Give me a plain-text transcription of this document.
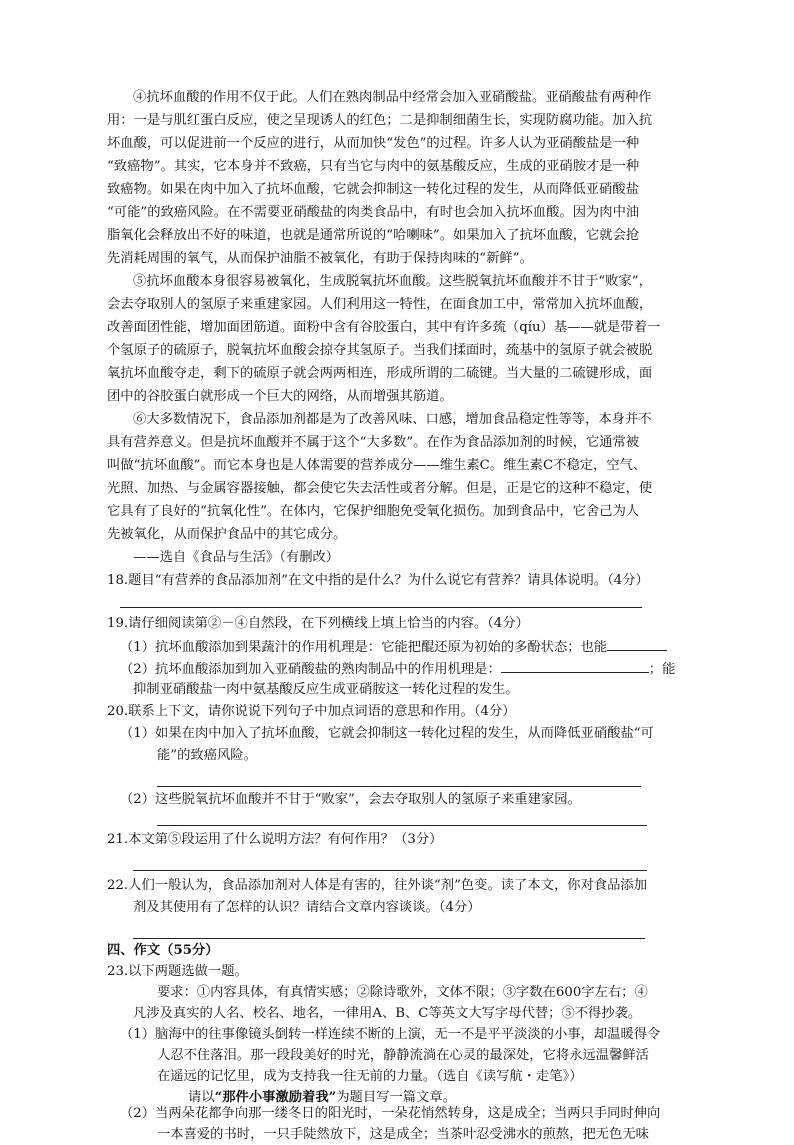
④抗坏血酸的作用不仅于此。人们在熟肉制品中经常会加入亚硝酸盐。亚硝酸盐有两种作
用：一是与肌红蛋白反应，使之呈现诱人的红色；二是抑制细菌生长，实现防腐功能。加入抗
坏血酸，可以促进前一个反应的进行，从而加快“发色”的过程。许多人认为亚硝酸盐是一种
“致癌物”。其实，它本身并不致癌，只有当它与肉中的氨基酸反应，生成的亚硝胺才是一种
致癌物。如果在肉中加入了抗坏血酸，它就会抑制这一转化过程的发生，从而降低亚硝酸盐
“可能”的致癌风险。在不需要亚硝酸盐的肉类食品中，有时也会加入抗坏血酸。因为肉中油
脂氧化会释放出不好的味道，也就是通常所说的“哈喇味”。如果加入了抗坏血酸，它就会抢
先消耗周围的氧气，从而保护油脂不被氧化，有助于保持肉味的“新鲜”。
⑤抗坏血酸本身很容易被氧化，生成脱氧抗坏血酸。这些脱氧抗坏血酸并不甘于“败家”，
会去夺取别人的氢原子来重建家园。人们利用这一特性，在面食加工中，常常加入抗坏血酸，
改善面团性能，增加面团筋道。面粉中含有谷胶蛋白，其中有许多巯（qíu）基——就是带着一
个氢原子的硫原子，脱氧抗坏血酸会掠夺其氢原子。当我们揉面时，巯基中的氢原子就会被脱
氧抗坏血酸夺走，剩下的硫原子就会两两相连，形成所谓的二硫键。当大量的二硫键形成，面
团中的谷胶蛋白就形成一个巨大的网络，从而增强其筋道。
⑥大多数情况下，食品添加剂都是为了改善风味、口感，增加食品稳定性等等，本身并不
具有营养意义。但是抗坏血酸并不属于这个“大多数”。在作为食品添加剂的时候，它通常被
叫做“抗坏血酸”。而它本身也是人体需要的营养成分——维生素C。维生素C不稳定，空气、
光照、加热、与金属容器接触，都会使它失去活性或者分解。但是，正是它的这种不稳定，使
它具有了良好的“抗氧化性”。在体内，它保护细胞免受氧化损伤。加到食品中，它舍己为人
先被氧化，从而保护食品中的其它成分。
——选自《食品与生活》（有删改）
18.题目“有营养的食品添加剂”在文中指的是什么？为什么说它有营养？请具体说明。（4分）
19.请仔细阅读第②－④自然段，在下列横线上填上恰当的内容。（4分）
（1）抗坏血酸添加到果蔬汁的作用机理是：它能把醌还原为初始的多酚状态；也能
（2）抗坏血酸添加到加入亚硝酸盐的熟肉制品中的作用机理是：	；能
抑制亚硝酸盐一肉中氨基酸反应生成亚硝胺这一转化过程的发生。
20.联系上下文，请你说说下列句子中加点词语的意思和作用。（4分）
（1）如果在肉中加入了抗坏血酸，它就会抑制这一转化过程的发生，从而降低亚硝酸盐“可
能”的致癌风险。
（2）这些脱氧抗坏血酸并不甘于“败家”，会去夺取别人的氢原子来重建家园。
21.本文第⑤段运用了什么说明方法？有何作用？（3分）
22.人们一般认为，食品添加剂对人体是有害的，往外谈“剂”色变。读了本文，你对食品添加
剂及其使用有了怎样的认识？请结合文章内容谈谈。（4分）
四、作文（55分）
23.以下两题选做一题。
要求：①内容具体，有真情实感；②除诗歌外，文体不限；③字数在600字左右；④
凡涉及真实的人名、校名、地名，一律用A、B、C等英文大写字母代替；⑤不得抄袭。
（1）脑海中的往事像镜头倒转一样连续不断的上演，无一不是平平淡淡的小事，却温暖得令
人忍不住落泪。那一段段美好的时光，静静流淌在心灵的最深处，它将永远温馨鲜活
在遥远的记忆里，成为支持我一往无前的力量。（选自《读写航・走笔》）
请以“那件小事激励着我”为题目写一篇文章。
（2）当两朵花都争向那一缕冬日的阳光时，一朵花悄然转身，这是成全；当两只手同时伸向
一本喜爱的书时，一只手陡然放下，这是成全；当茶叶忍受沸水的煎熬，把无色无味
